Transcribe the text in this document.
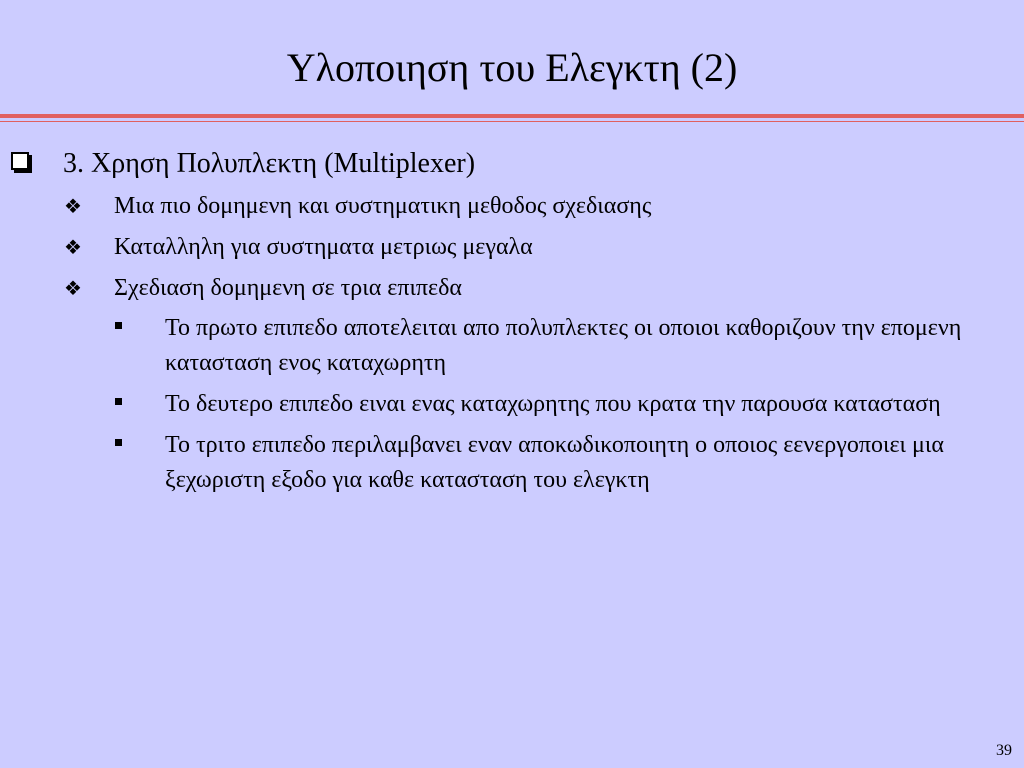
Υλοποιηση του Ελεγκτη (2)
3. Χρηση Πολυπλεκτη (Multiplexer)
❖ Μια πιο δομημενη και συστηματικη μεθοδος σχεδιασης
❖ Καταλληλη για συστηματα μετριως μεγαλα
❖ Σχεδιαση δομημενη σε τρια επιπεδα
Το πρωτο επιπεδο αποτελειται απο πολυπλεκτες οι οποιοι καθοριζουν την επομενη κατασταση ενος καταχωρητη
Το δευτερο επιπεδο ειναι ενας καταχωρητης που κρατα την παρουσα κατασταση
Το τριτο επιπεδο περιλαμβανει εναν αποκωδικοποιητη ο οποιος εενεργοποιει μια ξεχωριστη εξοδο για καθε κατασταση του ελεγκτη
39
